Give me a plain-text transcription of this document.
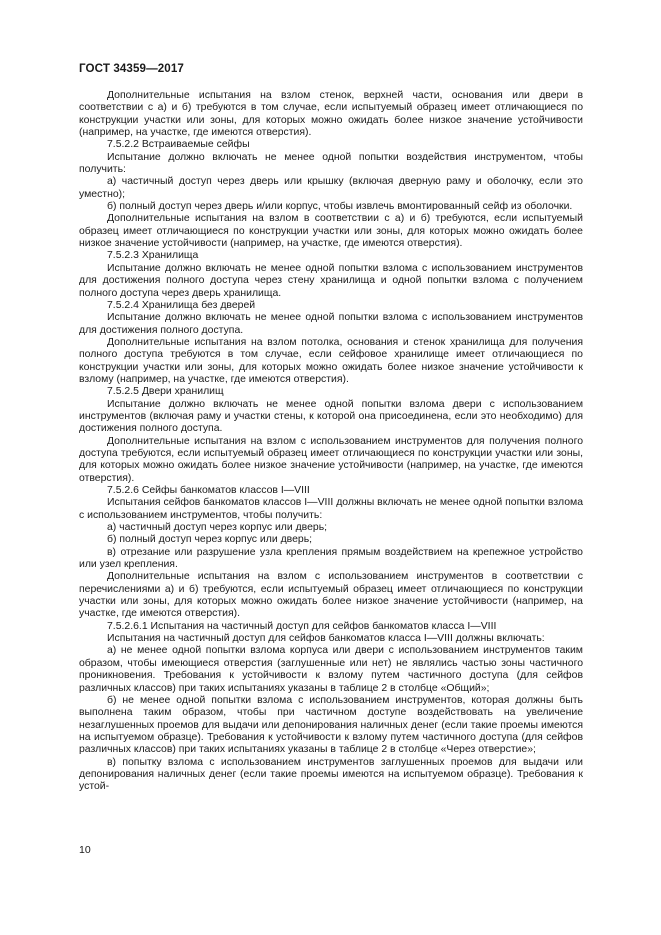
ГОСТ 34359—2017

Дополнительные испытания на взлом стенок, верхней части, основания или двери в соответствии с а) и б) требуются в том случае, если испытуемый образец имеет отличающиеся по конструкции участки или зоны, для которых можно ожидать более низкое значение устойчивости (например, на участке, где имеются отверстия).

7.5.2.2 Встраиваемые сейфы

Испытание должно включать не менее одной попытки воздействия инструментом, чтобы получить:

а) частичный доступ через дверь или крышку (включая дверную раму и оболочку, если это уместно);

б) полный доступ через дверь и/или корпус, чтобы извлечь вмонтированный сейф из оболочки.

Дополнительные испытания на взлом в соответствии с а) и б) требуются, если испытуемый образец имеет отличающиеся по конструкции участки или зоны, для которых можно ожидать более низкое значение устойчивости (например, на участке, где имеются отверстия).

7.5.2.3 Хранилища

Испытание должно включать не менее одной попытки взлома с использованием инструментов для достижения полного доступа через стену хранилища и одной попытки взлома с получением полного доступа через дверь хранилища.

7.5.2.4 Хранилища без дверей

Испытание должно включать не менее одной попытки взлома с использованием инструментов для достижения полного доступа.

Дополнительные испытания на взлом потолка, основания и стенок хранилища для получения полного доступа требуются в том случае, если сейфовое хранилище имеет отличающиеся по конструкции участки или зоны, для которых можно ожидать более низкое значение устойчивости к взлому (например, на участке, где имеются отверстия).

7.5.2.5 Двери хранилищ

Испытание должно включать не менее одной попытки взлома двери с использованием инструментов (включая раму и участки стены, к которой она присоединена, если это необходимо) для достижения полного доступа.

Дополнительные испытания на взлом с использованием инструментов для получения полного доступа требуются, если испытуемый образец имеет отличающиеся по конструкции участки или зоны, для которых можно ожидать более низкое значение устойчивости (например, на участке, где имеются отверстия).

7.5.2.6 Сейфы банкоматов классов I—VIII

Испытания сейфов банкоматов классов I—VIII должны включать не менее одной попытки взлома с использованием инструментов, чтобы получить:

а) частичный доступ через корпус или дверь;

б) полный доступ через корпус или дверь;

в) отрезание или разрушение узла крепления прямым воздействием на крепежное устройство или узел крепления.

Дополнительные испытания на взлом с использованием инструментов в соответствии с перечислениями а) и б) требуются, если испытуемый образец имеет отличающиеся по конструкции участки или зоны, для которых можно ожидать более низкое значение устойчивости (например, на участке, где имеются отверстия).

7.5.2.6.1 Испытания на частичный доступ для сейфов банкоматов класса I—VIII

Испытания на частичный доступ для сейфов банкоматов класса I—VIII должны включать:

а) не менее одной попытки взлома корпуса или двери с использованием инструментов таким образом, чтобы имеющиеся отверстия (заглушенные или нет) не являлись частью зоны частичного проникновения. Требования к устойчивости к взлому путем частичного доступа (для сейфов различных классов) при таких испытаниях указаны в таблице 2 в столбце «Общий»;

б) не менее одной попытки взлома с использованием инструментов, которая должны быть выполнена таким образом, чтобы при частичном доступе воздействовать на увеличение незаглушенных проемов для выдачи или депонирования наличных денег (если такие проемы имеются на испытуемом образце). Требования к устойчивости к взлому путем частичного доступа (для сейфов различных классов) при таких испытаниях указаны в таблице 2 в столбце «Через отверстие»;

в) попытку взлома с использованием инструментов заглушенных проемов для выдачи или депонирования наличных денег (если такие проемы имеются на испытуемом образце). Требования к устой-

10
